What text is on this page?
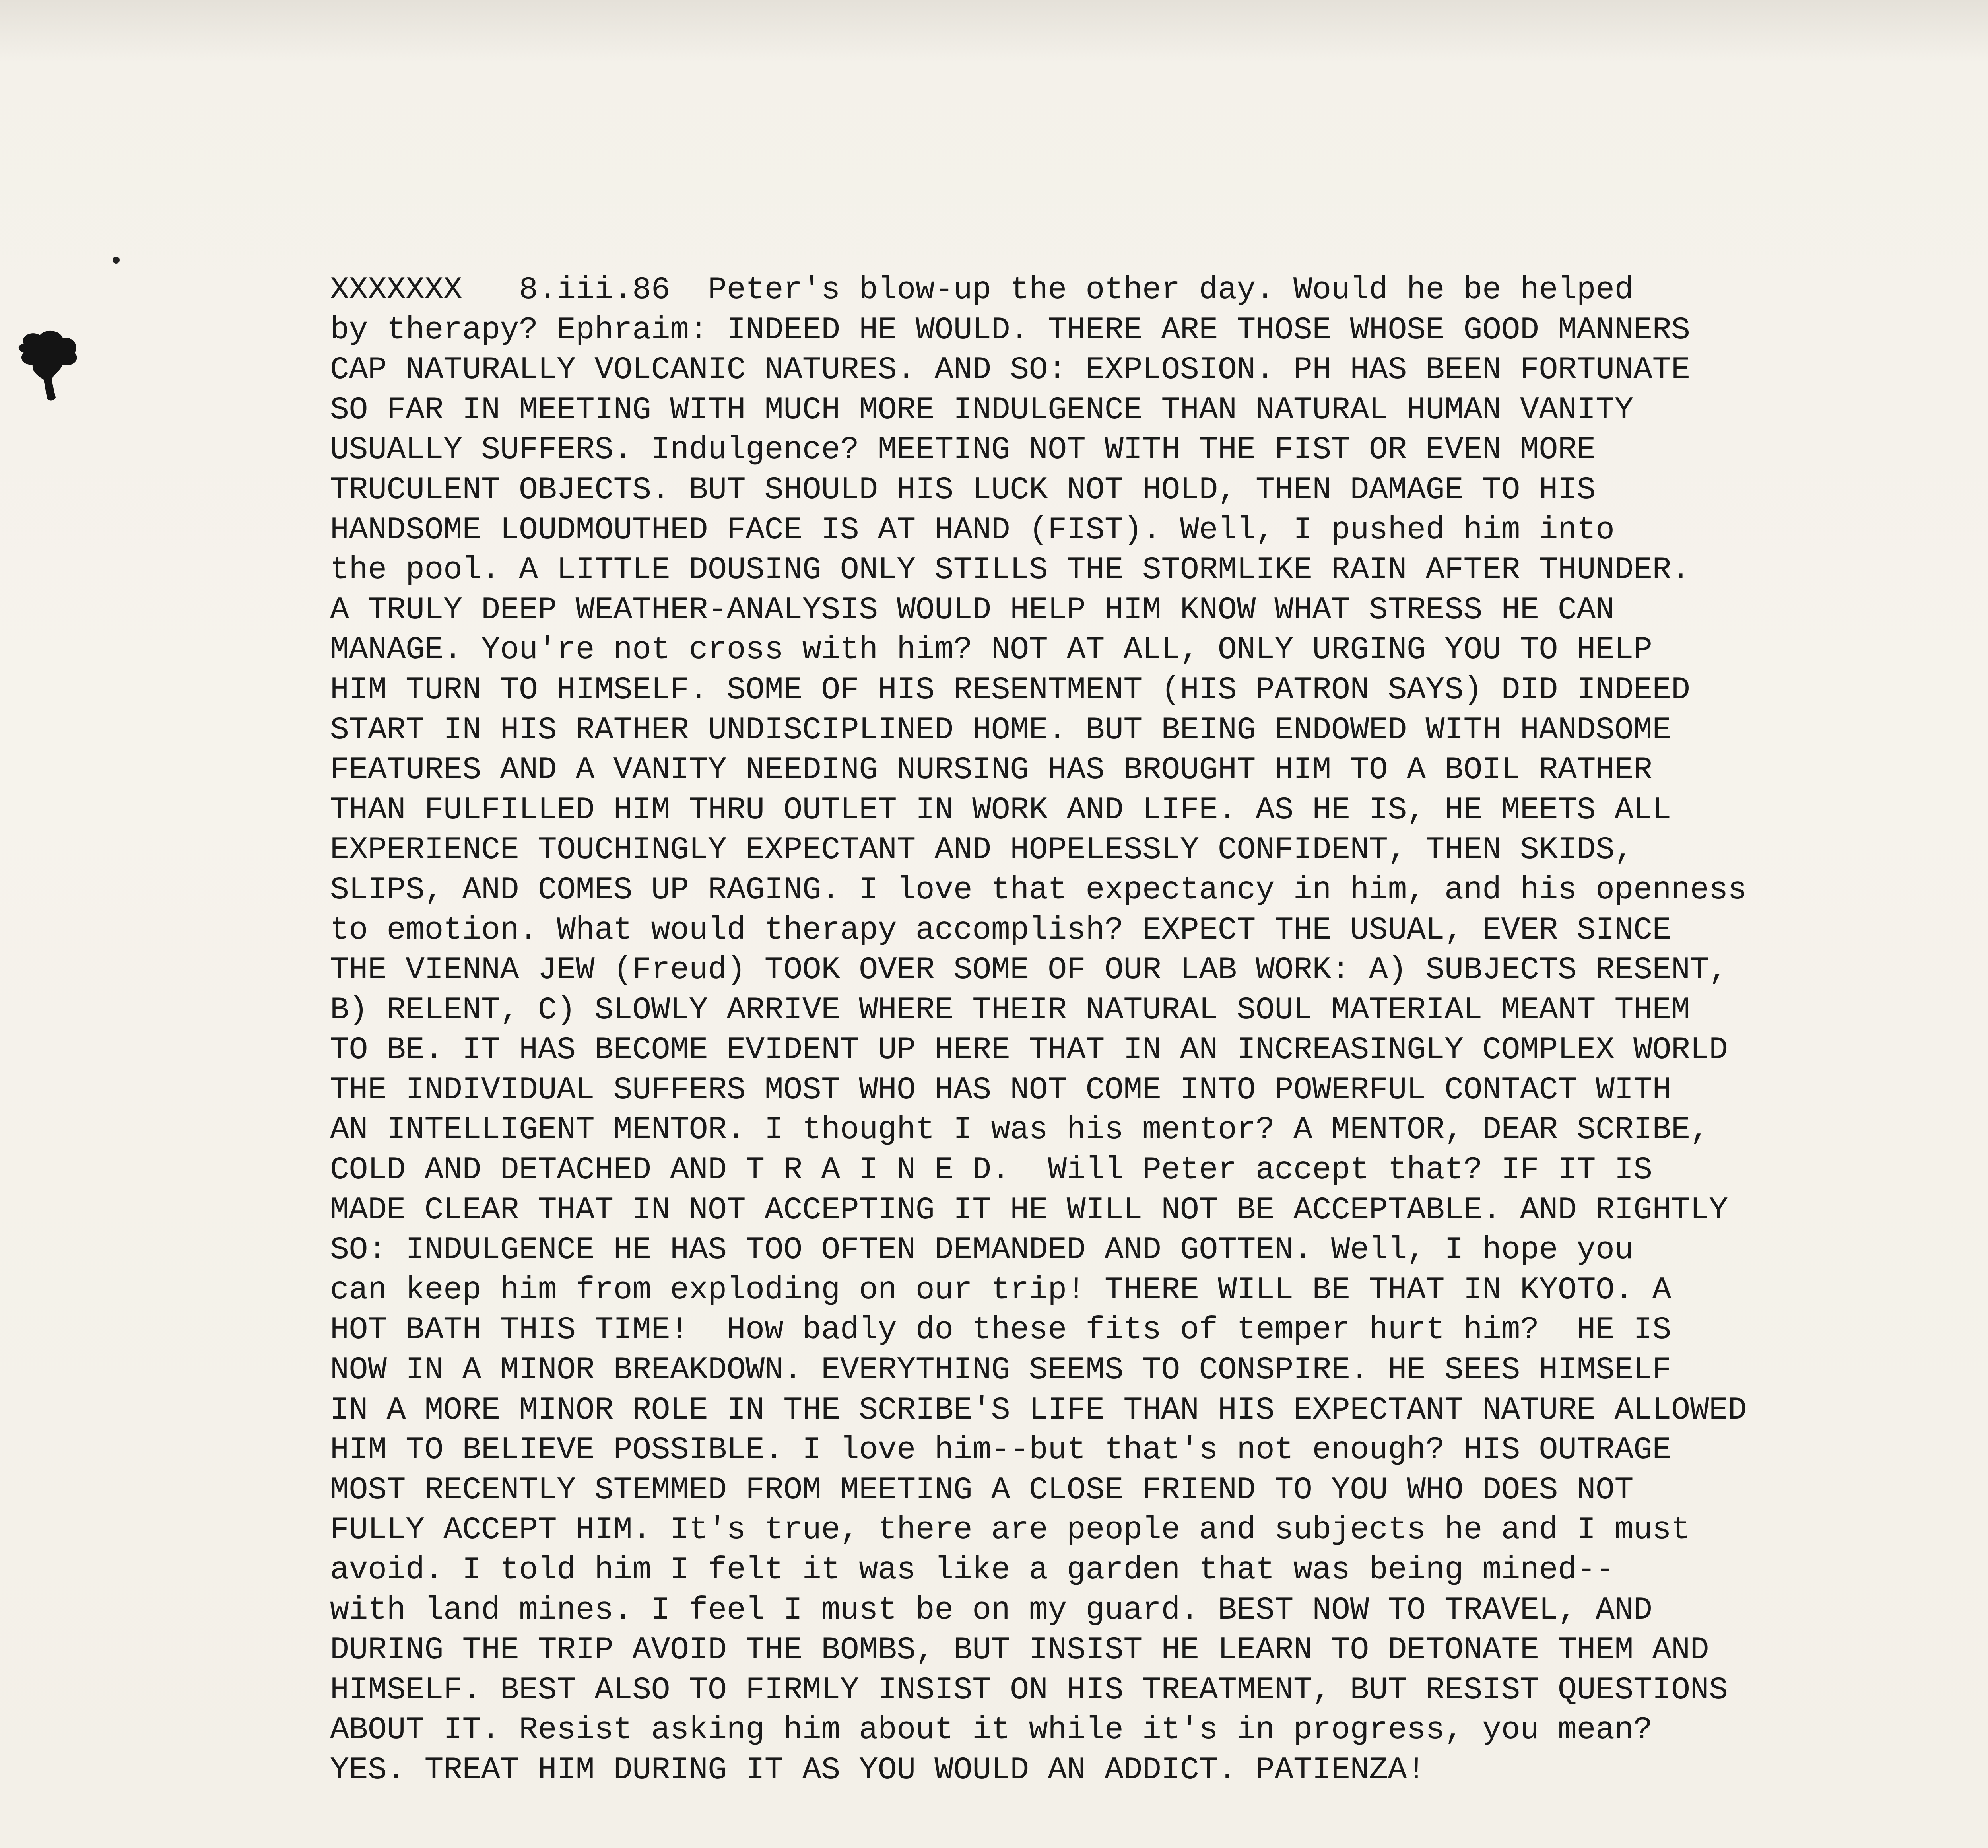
XXXXXXX   8.iii.86  Peter's blow-up the other day. Would he be helped
by therapy? Ephraim: INDEED HE WOULD. THERE ARE THOSE WHOSE GOOD MANNERS
CAP NATURALLY VOLCANIC NATURES. AND SO: EXPLOSION. PH HAS BEEN FORTUNATE
SO FAR IN MEETING WITH MUCH MORE INDULGENCE THAN NATURAL HUMAN VANITY
USUALLY SUFFERS. Indulgence? MEETING NOT WITH THE FIST OR EVEN MORE
TRUCULENT OBJECTS. BUT SHOULD HIS LUCK NOT HOLD, THEN DAMAGE TO HIS
HANDSOME LOUDMOUTHED FACE IS AT HAND (FIST). Well, I pushed him into
the pool. A LITTLE DOUSING ONLY STILLS THE STORMLIKE RAIN AFTER THUNDER.
A TRULY DEEP WEATHER-ANALYSIS WOULD HELP HIM KNOW WHAT STRESS HE CAN
MANAGE. You're not cross with him? NOT AT ALL, ONLY URGING YOU TO HELP
HIM TURN TO HIMSELF. SOME OF HIS RESENTMENT (HIS PATRON SAYS) DID INDEED
START IN HIS RATHER UNDISCIPLINED HOME. BUT BEING ENDOWED WITH HANDSOME
FEATURES AND A VANITY NEEDING NURSING HAS BROUGHT HIM TO A BOIL RATHER
THAN FULFILLED HIM THRU OUTLET IN WORK AND LIFE. AS HE IS, HE MEETS ALL
EXPERIENCE TOUCHINGLY EXPECTANT AND HOPELESSLY CONFIDENT, THEN SKIDS,
SLIPS, AND COMES UP RAGING. I love that expectancy in him, and his openness
to emotion. What would therapy accomplish? EXPECT THE USUAL, EVER SINCE
THE VIENNA JEW (Freud) TOOK OVER SOME OF OUR LAB WORK: A) SUBJECTS RESENT,
B) RELENT, C) SLOWLY ARRIVE WHERE THEIR NATURAL SOUL MATERIAL MEANT THEM
TO BE. IT HAS BECOME EVIDENT UP HERE THAT IN AN INCREASINGLY COMPLEX WORLD
THE INDIVIDUAL SUFFERS MOST WHO HAS NOT COME INTO POWERFUL CONTACT WITH
AN INTELLIGENT MENTOR. I thought I was his mentor? A MENTOR, DEAR SCRIBE,
COLD AND DETACHED AND T R A I N E D.  Will Peter accept that? IF IT IS
MADE CLEAR THAT IN NOT ACCEPTING IT HE WILL NOT BE ACCEPTABLE. AND RIGHTLY
SO: INDULGENCE HE HAS TOO OFTEN DEMANDED AND GOTTEN. Well, I hope you
can keep him from exploding on our trip! THERE WILL BE THAT IN KYOTO. A
HOT BATH THIS TIME!  How badly do these fits of temper hurt him?  HE IS
NOW IN A MINOR BREAKDOWN. EVERYTHING SEEMS TO CONSPIRE. HE SEES HIMSELF
IN A MORE MINOR ROLE IN THE SCRIBE'S LIFE THAN HIS EXPECTANT NATURE ALLOWED
HIM TO BELIEVE POSSIBLE. I love him--but that's not enough? HIS OUTRAGE
MOST RECENTLY STEMMED FROM MEETING A CLOSE FRIEND TO YOU WHO DOES NOT
FULLY ACCEPT HIM. It's true, there are people and subjects he and I must
avoid. I told him I felt it was like a garden that was being mined--
with land mines. I feel I must be on my guard. BEST NOW TO TRAVEL, AND
DURING THE TRIP AVOID THE BOMBS, BUT INSIST HE LEARN TO DETONATE THEM AND
HIMSELF. BEST ALSO TO FIRMLY INSIST ON HIS TREATMENT, BUT RESIST QUESTIONS
ABOUT IT. Resist asking him about it while it's in progress, you mean?
YES. TREAT HIM DURING IT AS YOU WOULD AN ADDICT. PATIENZA!
